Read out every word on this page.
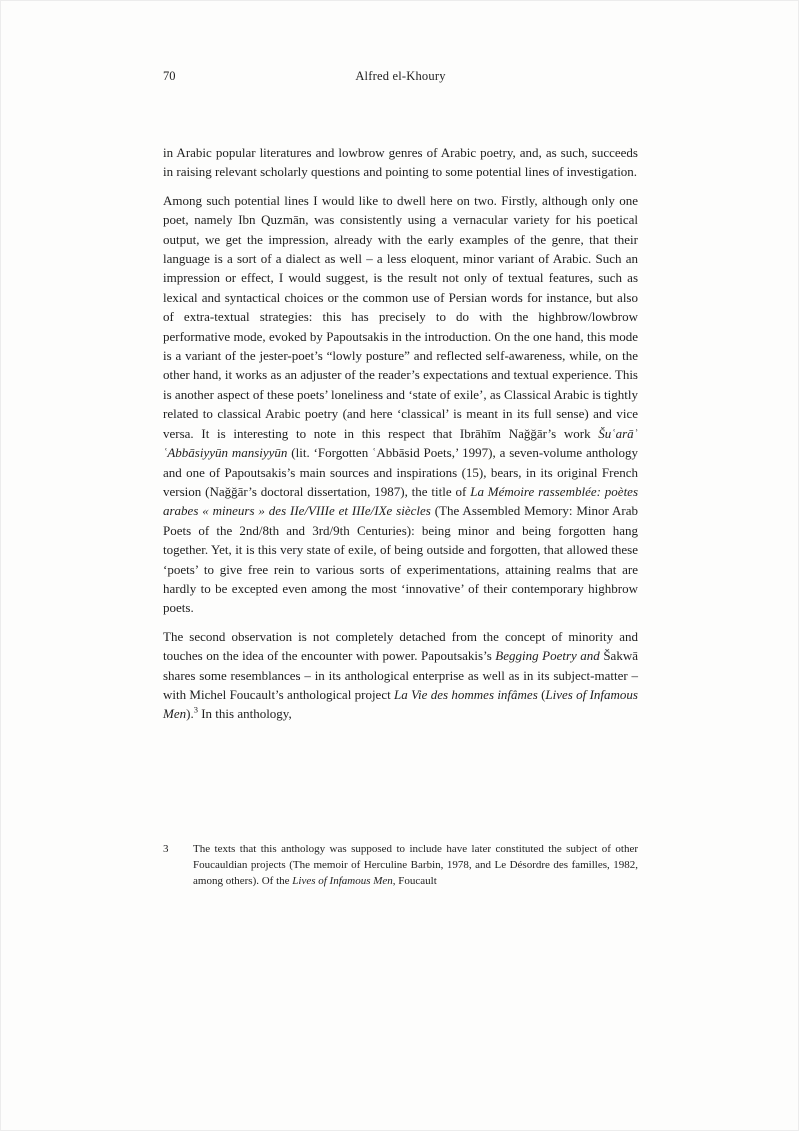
70	Alfred el-Khoury

in Arabic popular literatures and lowbrow genres of Arabic poetry, and, as such, succeeds in raising relevant scholarly questions and pointing to some potential lines of investigation.

Among such potential lines I would like to dwell here on two. Firstly, although only one poet, namely Ibn Quzmān, was consistently using a vernacular variety for his poetical output, we get the impression, already with the early examples of the genre, that their language is a sort of a dialect as well – a less eloquent, minor variant of Arabic. Such an impression or effect, I would suggest, is the result not only of textual features, such as lexical and syntactical choices or the common use of Persian words for instance, but also of extra-textual strategies: this has precisely to do with the highbrow/lowbrow performative mode, evoked by Papoutsakis in the introduction. On the one hand, this mode is a variant of the jester-poet’s “lowly posture” and reflected self-awareness, while, on the other hand, it works as an adjuster of the reader’s expectations and textual experience. This is another aspect of these poets’ loneliness and ‘state of exile’, as Classical Arabic is tightly related to classical Arabic poetry (and here ‘classical’ is meant in its full sense) and vice versa. It is interesting to note in this respect that Ibrāhīm Naǧǧār’s work Šuʿarāʾ ʿAbbāsiyyūn mansiyyūn (lit. ‘Forgotten ʿAbbāsid Poets,’ 1997), a seven-volume anthology and one of Papoutsakis’s main sources and inspirations (15), bears, in its original French version (Naǧǧār’s doctoral dissertation, 1987), the title of La Mémoire rassemblée: poètes arabes « mineurs » des IIe/VIIIe et IIIe/IXe siècles (The Assembled Memory: Minor Arab Poets of the 2nd/8th and 3rd/9th Centuries): being minor and being forgotten hang together. Yet, it is this very state of exile, of being outside and forgotten, that allowed these ‘poets’ to give free rein to various sorts of experimentations, attaining realms that are hardly to be excepted even among the most ‘innovative’ of their contemporary highbrow poets.

The second observation is not completely detached from the concept of minority and touches on the idea of the encounter with power. Papoutsakis’s Begging Poetry and Šakwā shares some resemblances – in its anthological enterprise as well as in its subject-matter – with Michel Foucault’s anthological project La Vie des hommes infâmes (Lives of Infamous Men).$^3$ In this anthology,

3	The texts that this anthology was supposed to include have later constituted the subject of other Foucauldian projects (The memoir of Herculine Barbin, 1978, and Le Désordre des familles, 1982, among others). Of the Lives of Infamous Men, Foucault
